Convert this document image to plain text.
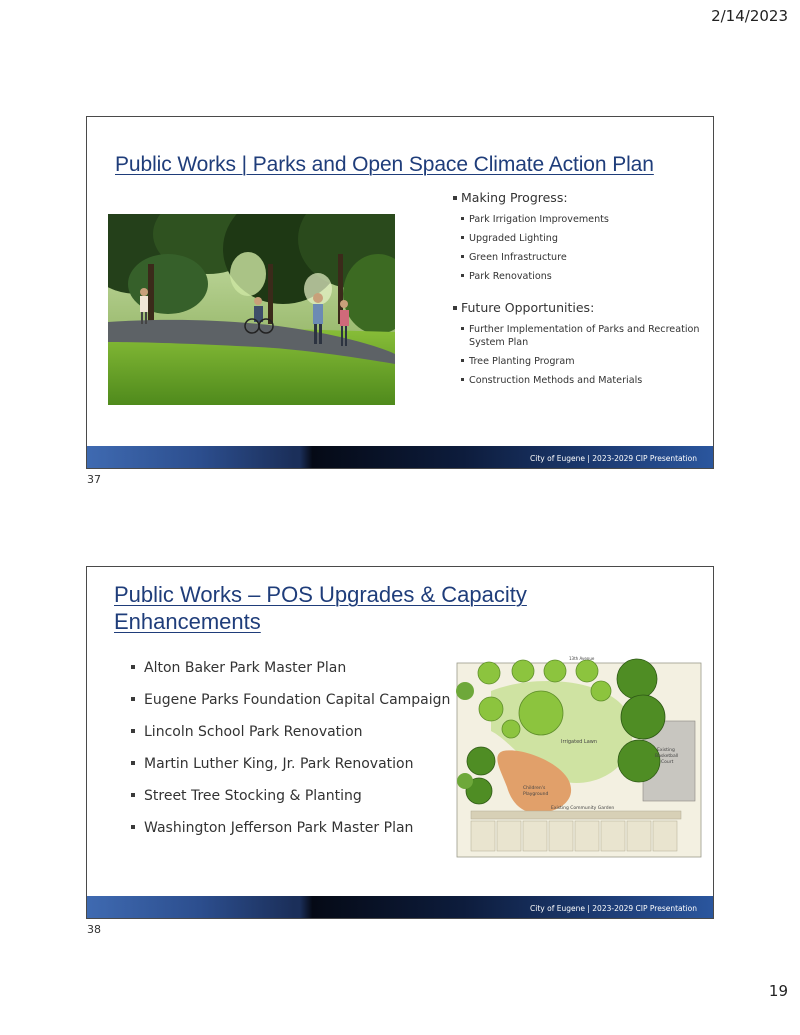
2/14/2023
Public Works | Parks and Open Space Climate Action Plan
Making Progress:
Park Irrigation Improvements
Upgraded Lighting
Green Infrastructure
Park Renovations
Future Opportunities:
Further Implementation of Parks and Recreation System Plan
Tree Planting Program
Construction Methods and Materials
City of Eugene | 2023-2029 CIP Presentation
37
Public Works – POS Upgrades & Capacity Enhancements
Alton Baker Park Master Plan
Eugene Parks Foundation Capital Campaign
Lincoln School Park Renovation
Martin Luther King, Jr. Park Renovation
Street Tree Stocking & Planting
Washington Jefferson Park Master Plan
13th Avenue
Irrigated Lawn
Children's
Playground
Existing
Basketball
Court
Existing Community Garden
City of Eugene | 2023-2029 CIP Presentation
38
19
